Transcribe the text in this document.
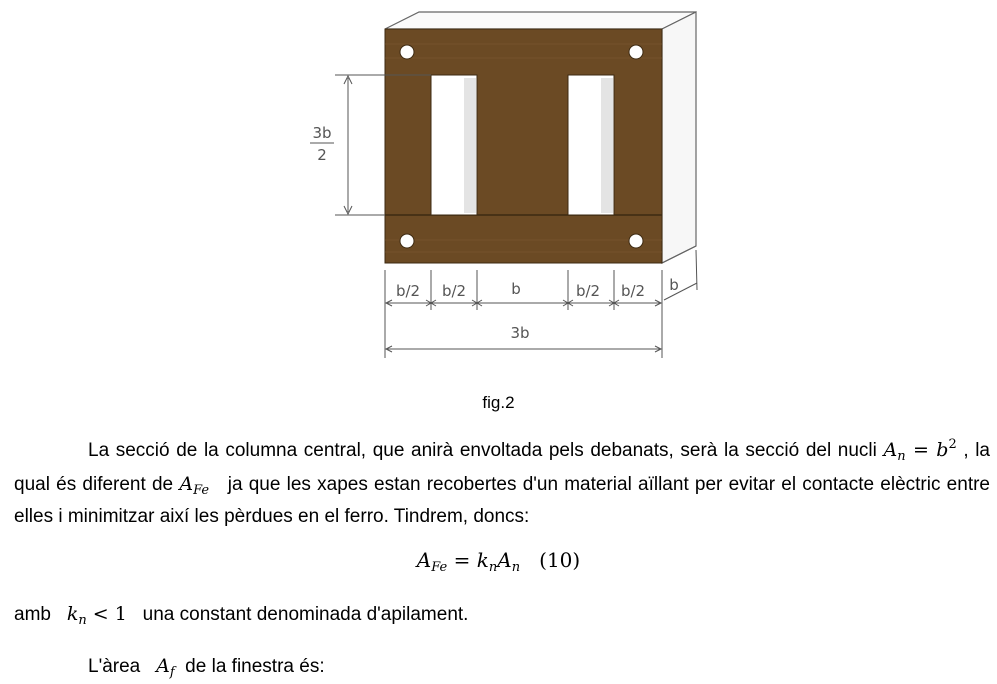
3b
2
b/2 b/2	b	b/2 b/2 b
3b
fig.2

La secció de la columna central, que anirà envoltada pels debanats, serà la secció del nucli $A_n = b^2$ , la qual és diferent de $A_{Fe}$   ja que les xapes estan recobertes d'un material aïllant per evitar el contacte elèctric entre elles i minimitzar així les pèrdues en el ferro. Tindrem, doncs:

$A_{Fe} = k_nA_n$ (10)

amb   $k_n < 1$   una constant denominada d'apilament.

L'àrea   $A_f$  de la finestra és:
